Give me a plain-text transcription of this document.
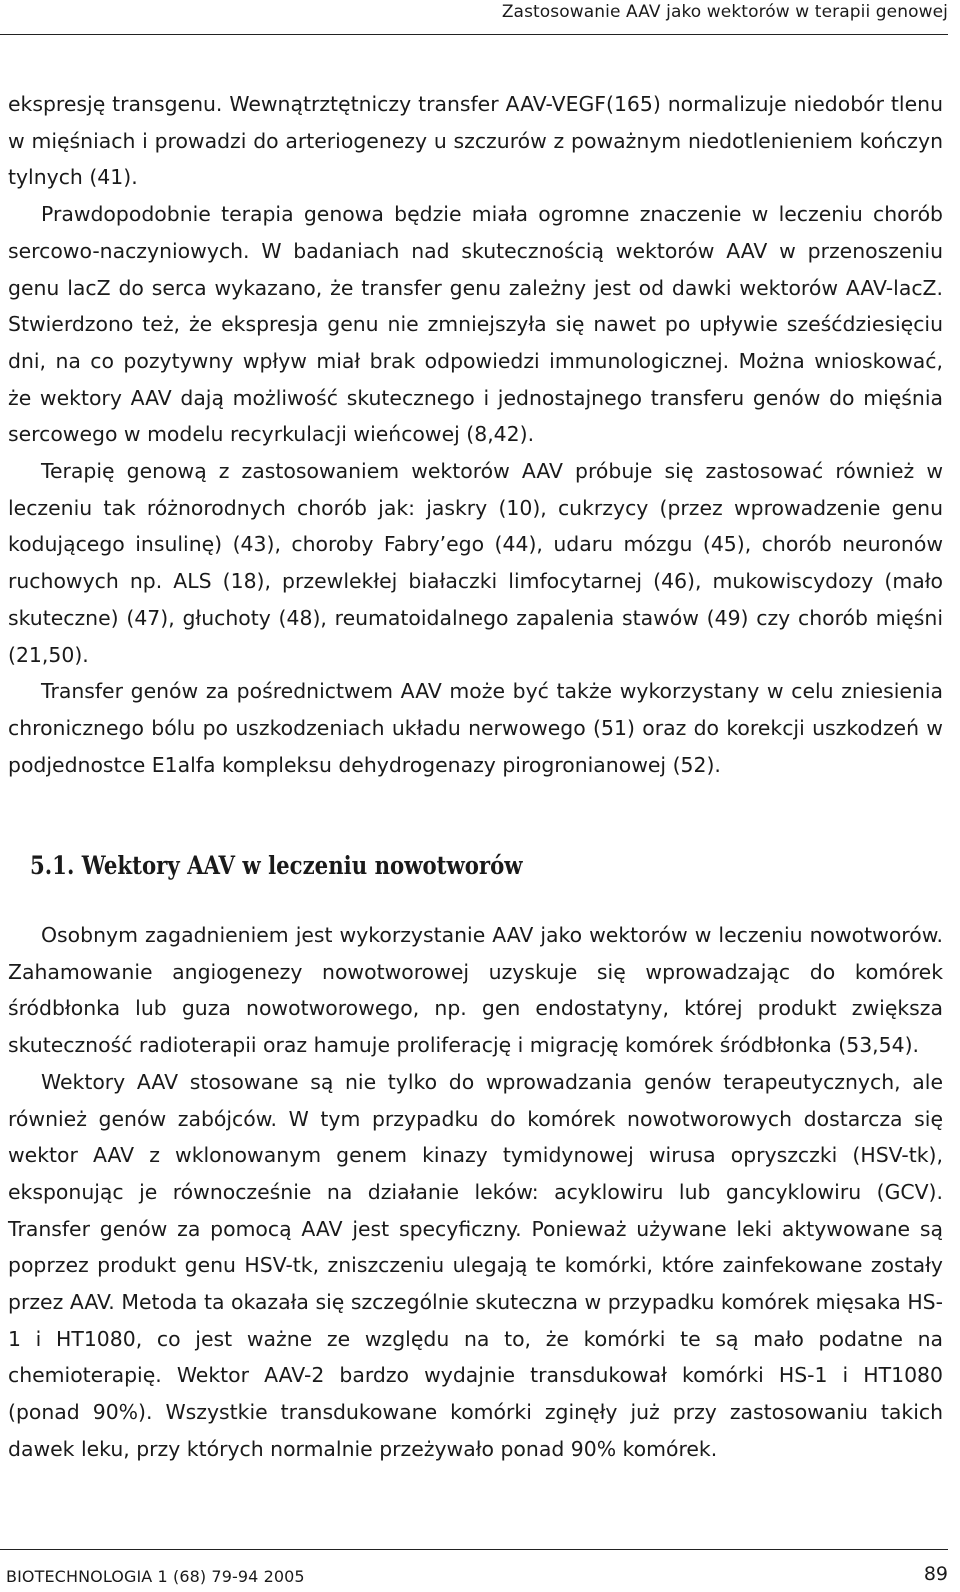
Zastosowanie AAV jako wektorów w terapii genowej

ekspresję transgenu. Wewnątrztętniczy transfer AAV-VEGF(165) normalizuje niedobór tlenu w mięśniach i prowadzi do arteriogenezy u szczurów z poważnym niedotlenieniem kończyn tylnych (41).

Prawdopodobnie terapia genowa będzie miała ogromne znaczenie w leczeniu chorób sercowo-naczyniowych. W badaniach nad skutecznością wektorów AAV w przenoszeniu genu lacZ do serca wykazano, że transfer genu zależny jest od dawki wektorów AAV-lacZ. Stwierdzono też, że ekspresja genu nie zmniejszyła się nawet po upływie sześćdziesięciu dni, na co pozytywny wpływ miał brak odpowiedzi immunologicznej. Można wnioskować, że wektory AAV dają możliwość skutecznego i jednostajnego transferu genów do mięśnia sercowego w modelu recyrkulacji wieńcowej (8,42).

Terapię genową z zastosowaniem wektorów AAV próbuje się zastosować również w leczeniu tak różnorodnych chorób jak: jaskry (10), cukrzycy (przez wprowadzenie genu kodującego insulinę) (43), choroby Fabry’ego (44), udaru mózgu (45), chorób neuronów ruchowych np. ALS (18), przewlekłej białaczki limfocytarnej (46), mukowiscydozy (mało skuteczne) (47), głuchoty (48), reumatoidalnego zapalenia stawów (49) czy chorób mięśni (21,50).

Transfer genów za pośrednictwem AAV może być także wykorzystany w celu zniesienia chronicznego bólu po uszkodzeniach układu nerwowego (51) oraz do korekcji uszkodzeń w podjednostce E1alfa kompleksu dehydrogenazy pirogronianowej (52).

5.1. Wektory AAV w leczeniu nowotworów

Osobnym zagadnieniem jest wykorzystanie AAV jako wektorów w leczeniu nowotworów. Zahamowanie angiogenezy nowotworowej uzyskuje się wprowadzając do komórek śródbłonka lub guza nowotworowego, np. gen endostatyny, której produkt zwiększa skuteczność radioterapii oraz hamuje proliferację i migrację komórek śródbłonka (53,54).

Wektory AAV stosowane są nie tylko do wprowadzania genów terapeutycznych, ale również genów zabójców. W tym przypadku do komórek nowotworowych dostarcza się wektor AAV z wklonowanym genem kinazy tymidynowej wirusa opryszczki (HSV-tk), eksponując je równocześnie na działanie leków: acyklowiru lub gancyklowiru (GCV). Transfer genów za pomocą AAV jest specyficzny. Ponieważ używane leki aktywowane są poprzez produkt genu HSV-tk, zniszczeniu ulegają te komórki, które zainfekowane zostały przez AAV. Metoda ta okazała się szczególnie skuteczna w przypadku komórek mięsaka HS-1 i HT1080, co jest ważne ze względu na to, że komórki te są mało podatne na chemioterapię. Wektor AAV-2 bardzo wydajnie transdukował komórki HS-1 i HT1080 (ponad 90%). Wszystkie transdukowane komórki zginęły już przy zastosowaniu takich dawek leku, przy których normalnie przeżywało ponad 90% komórek.

BIOTECHNOLOGIA 1 (68) 79-94 2005	89
